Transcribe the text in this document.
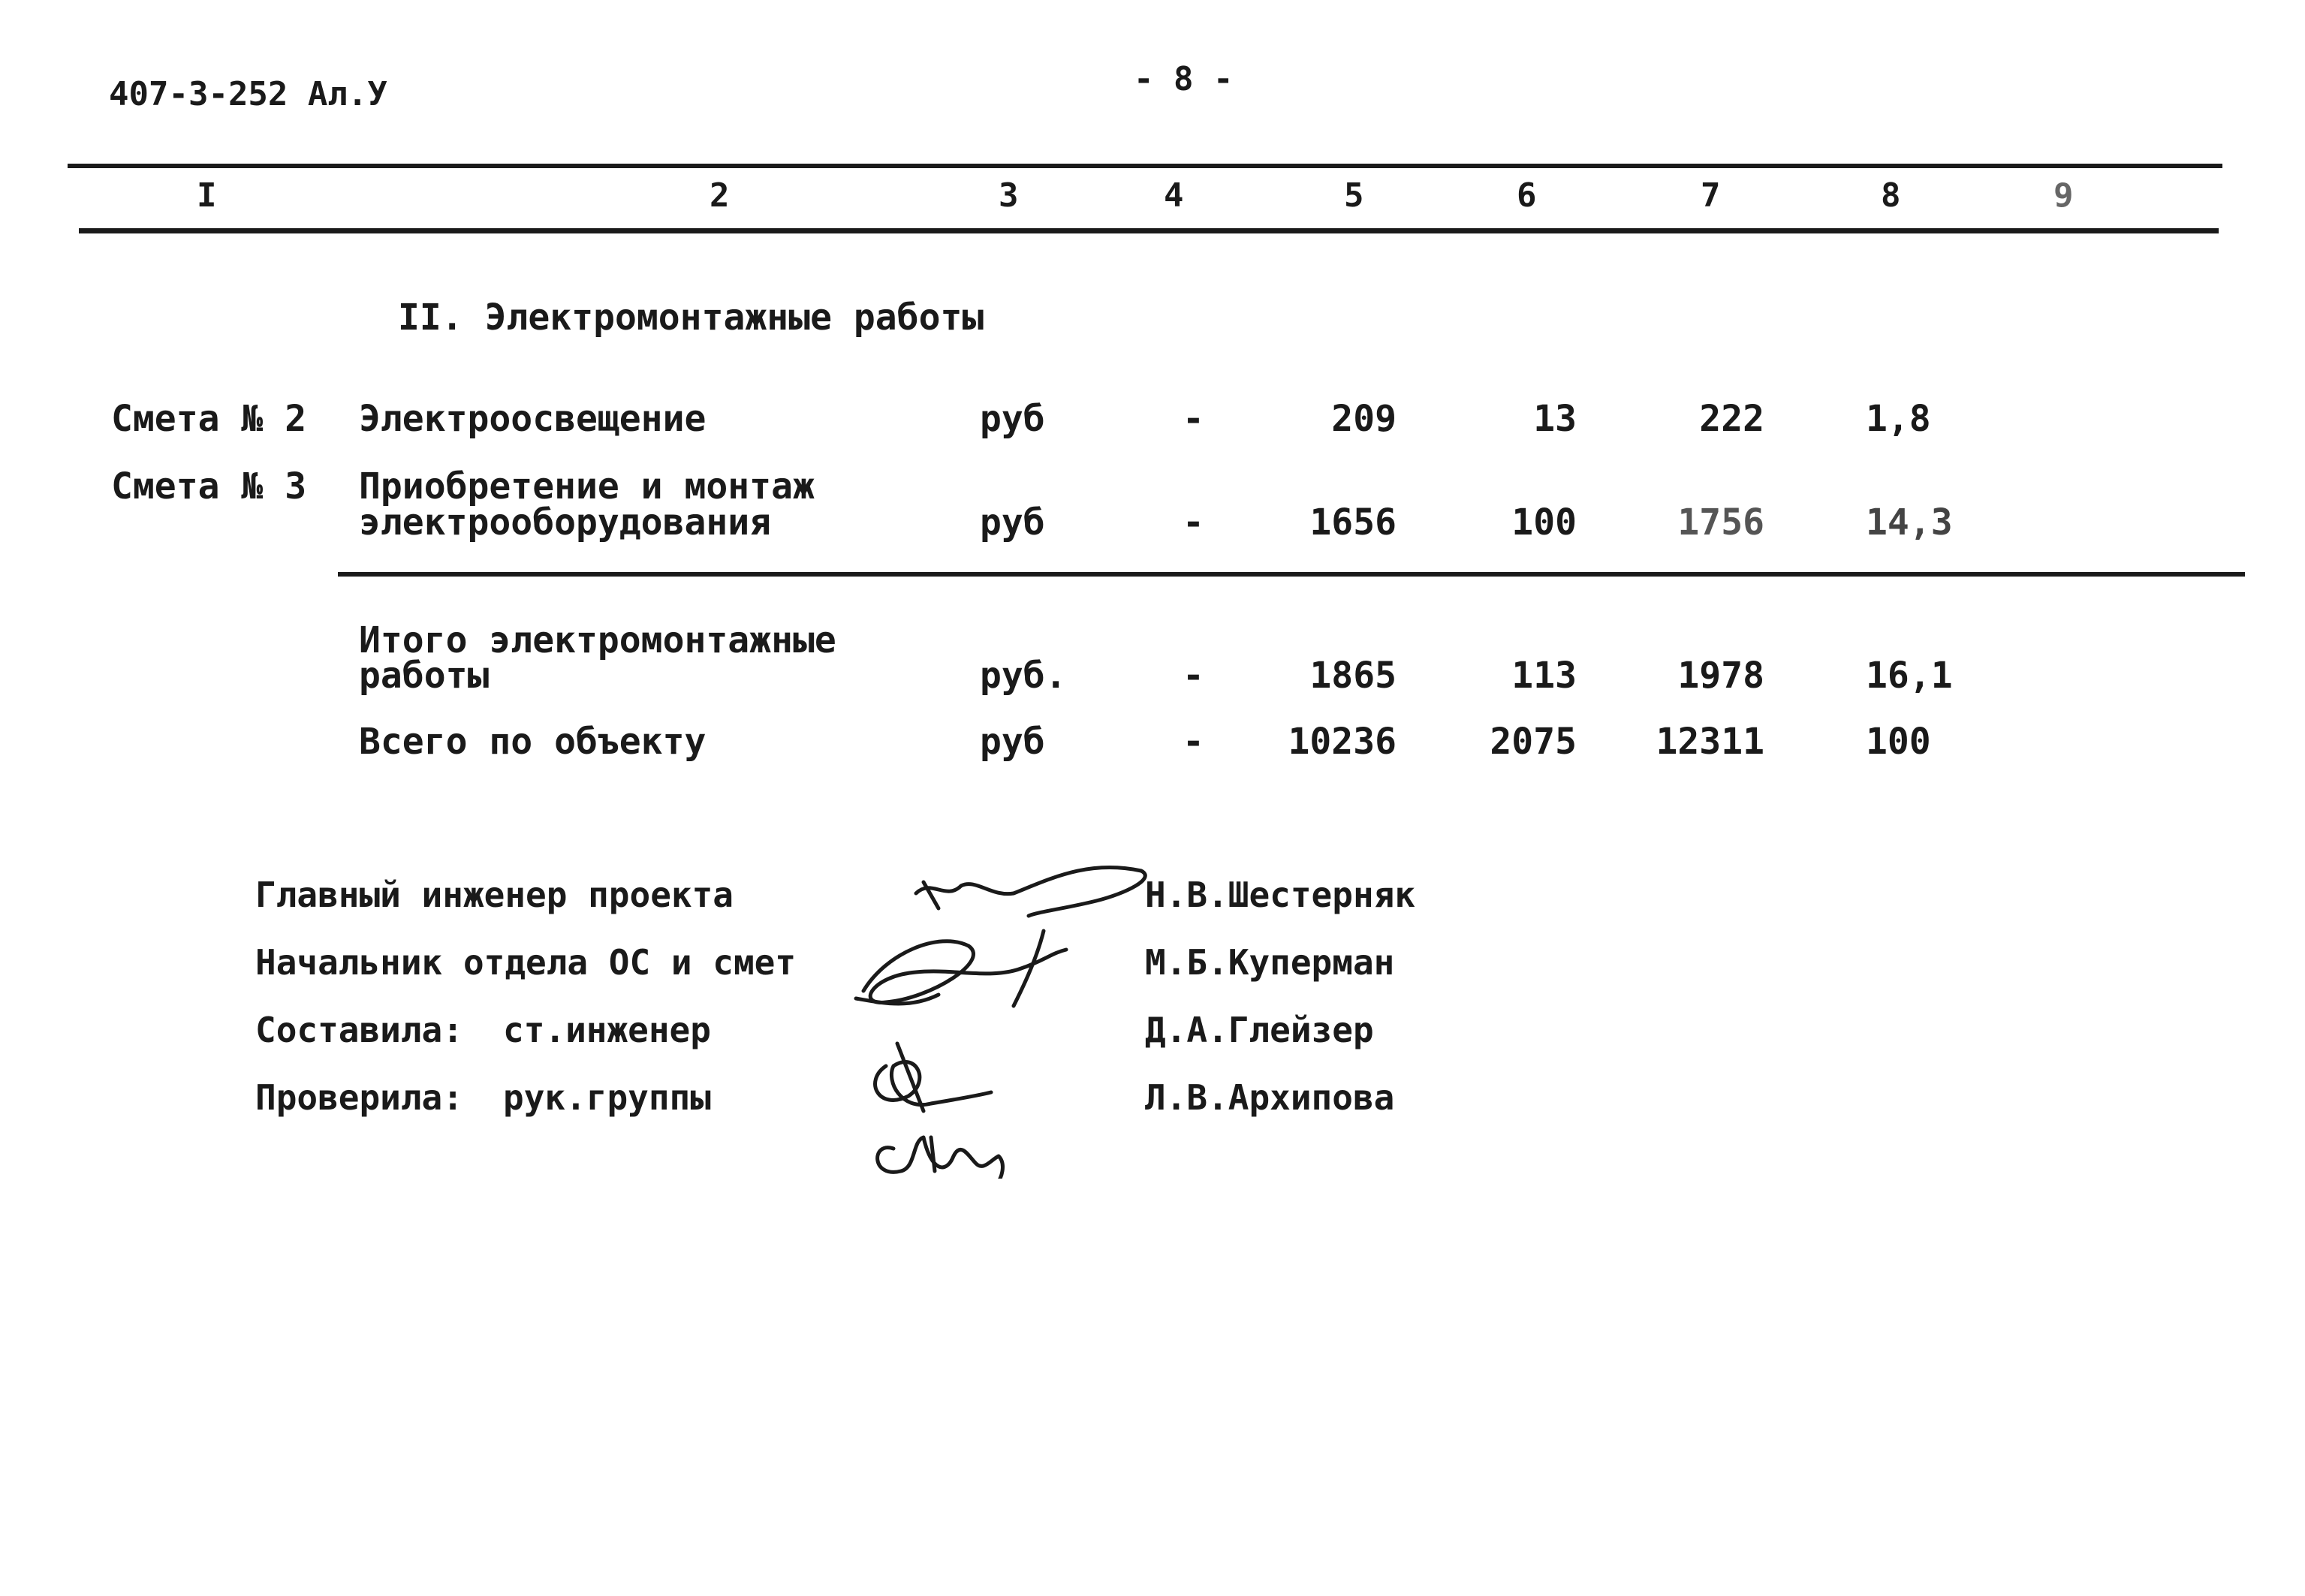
407-3-252 Ал.У	- 8 -
I	2	3	4	5	6	7	8	9
II. Электромонтажные работы
Смета № 2 Электроосвещение	руб	-	209	13	222	1,8
Смета № 3 Приобретение и монтаж
электрооборудования	руб	-	1656	100	1756	14,3
Итого электромонтажные
работы	руб.	-	1865	113	1978	16,1
Всего по объекту	руб	-	10236	2075	12311	100
Главный инженер проекта	Н.В.Шестерняк
Начальник отдела ОС и смет	М.Б.Куперман
Составила: ст.инженер	Д.А.Глейзер
Проверила: рук.группы	Л.В.Архипова
